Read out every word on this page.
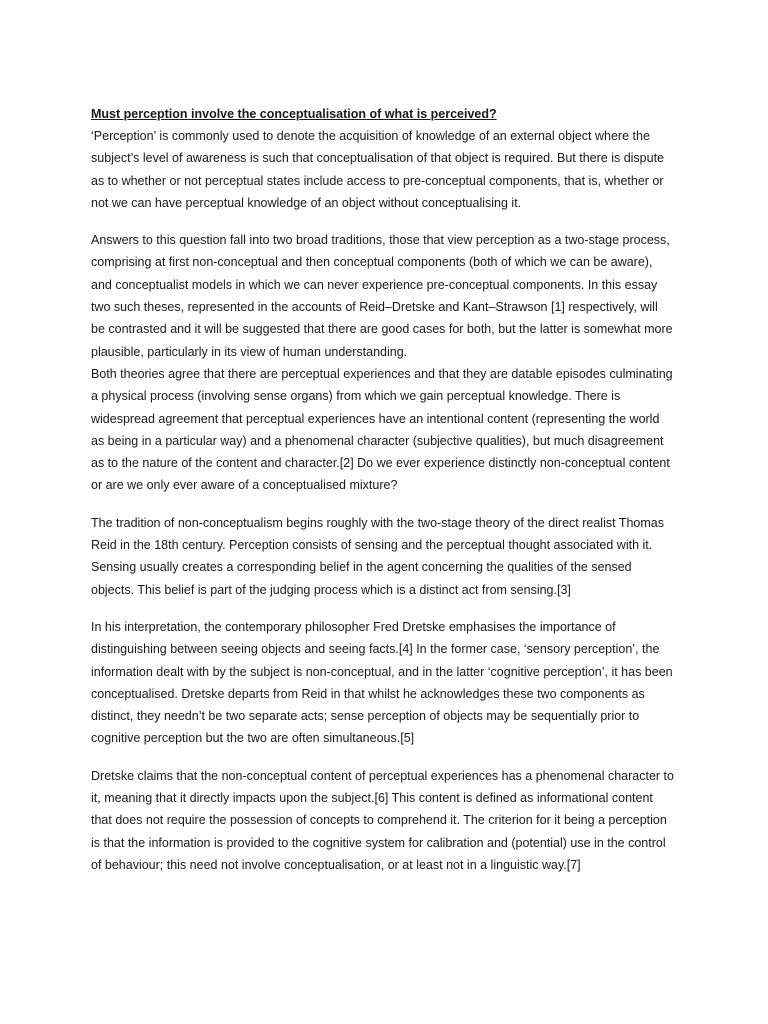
Must perception involve the conceptualisation of what is perceived?

‘Perception’ is commonly used to denote the acquisition of knowledge of an external object where the
subject’s level of awareness is such that conceptualisation of that object is required. But there is dispute
as to whether or not perceptual states include access to pre-conceptual components, that is, whether or
not we can have perceptual knowledge of an object without conceptualising it.
Answers to this question fall into two broad traditions, those that view perception as a two-stage process,
comprising at first non-conceptual and then conceptual components (both of which we can be aware),
and conceptualist models in which we can never experience pre-conceptual components. In this essay
two such theses, represented in the accounts of Reid–Dretske and Kant–Strawson [1] respectively, will
be contrasted and it will be suggested that there are good cases for both, but the latter is somewhat more
plausible, particularly in its view of human understanding.
Both theories agree that there are perceptual experiences and that they are datable episodes culminating
a physical process (involving sense organs) from which we gain perceptual knowledge. There is
widespread agreement that perceptual experiences have an intentional content (representing the world
as being in a particular way) and a phenomenal character (subjective qualities), but much disagreement
as to the nature of the content and character.[2] Do we ever experience distinctly non-conceptual content
or are we only ever aware of a conceptualised mixture?
The tradition of non-conceptualism begins roughly with the two-stage theory of the direct realist Thomas
Reid in the 18th century. Perception consists of sensing and the perceptual thought associated with it.
Sensing usually creates a corresponding belief in the agent concerning the qualities of the sensed
objects. This belief is part of the judging process which is a distinct act from sensing.[3]
In his interpretation, the contemporary philosopher Fred Dretske emphasises the importance of
distinguishing between seeing objects and seeing facts.[4] In the former case, ‘sensory perception’, the
information dealt with by the subject is non-conceptual, and in the latter ‘cognitive perception’, it has been
conceptualised. Dretske departs from Reid in that whilst he acknowledges these two components as
distinct, they needn’t be two separate acts; sense perception of objects may be sequentially prior to
cognitive perception but the two are often simultaneous.[5]
Dretske claims that the non-conceptual content of perceptual experiences has a phenomenal character to
it, meaning that it directly impacts upon the subject.[6] This content is defined as informational content
that does not require the possession of concepts to comprehend it. The criterion for it being a perception
is that the information is provided to the cognitive system for calibration and (potential) use in the control
of behaviour; this need not involve conceptualisation, or at least not in a linguistic way.[7]
